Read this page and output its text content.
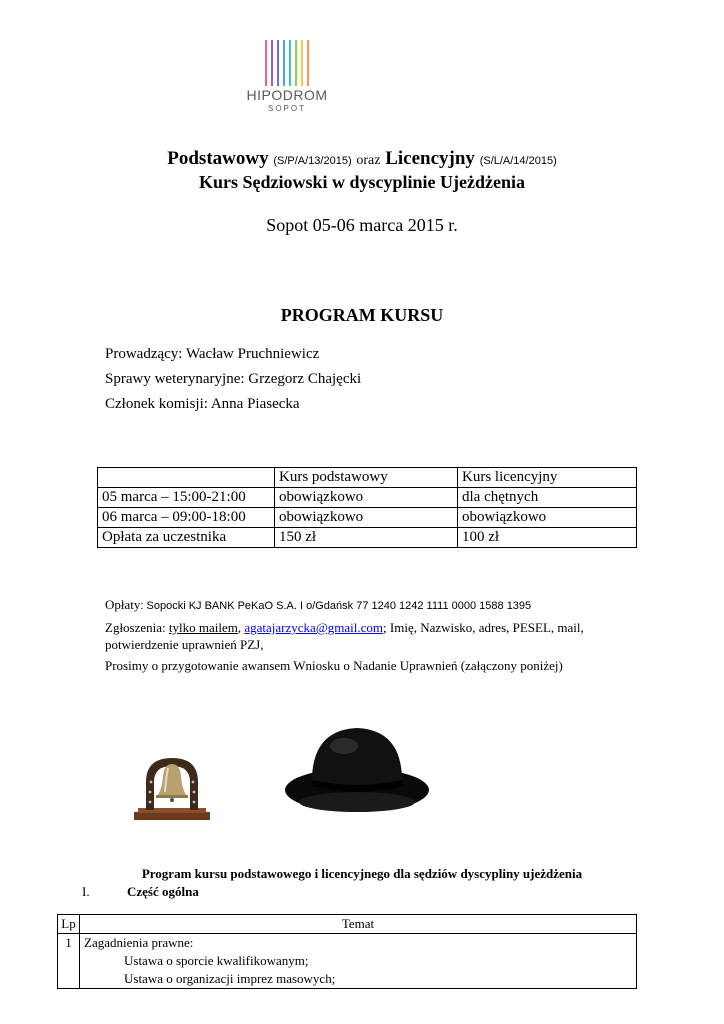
HIPODROM
SOPOT
Podstawowy (S/P/A/13/2015) oraz Licencyjny (S/L/A/14/2015)
Kurs Sędziowski w dyscyplinie Ujeżdżenia
Sopot 05-06 marca 2015 r.
PROGRAM KURSU
Prowadzący: Wacław Pruchniewicz
Sprawy weterynaryjne: Grzegorz Chajęcki
Członek komisji: Anna Piasecka
	Kurs podstawowy	Kurs licencyjny
05 marca – 15:00-21:00	obowiązkowo	dla chętnych
06 marca – 09:00-18:00	obowiązkowo	obowiązkowo
Opłata za uczestnika	150 zł	100 zł
Opłaty: Sopocki KJ BANK PeKaO S.A. I o/Gdańsk 77 1240 1242 1111 0000 1588 1395
Zgłoszenia: tylko mailem, agatajarzycka@gmail.com; Imię, Nazwisko, adres, PESEL, mail,
potwierdzenie uprawnień PZJ,
Prosimy o przygotowanie awansem Wniosku o Nadanie Uprawnień (załączony poniżej)
Program kursu podstawowego i licencyjnego dla sędziów dyscypliny ujeżdżenia
I.	Część ogólna
Lp	Temat
1	Zagadnienia prawne:
Ustawa o sporcie kwalifikowanym;
Ustawa o organizacji imprez masowych;
